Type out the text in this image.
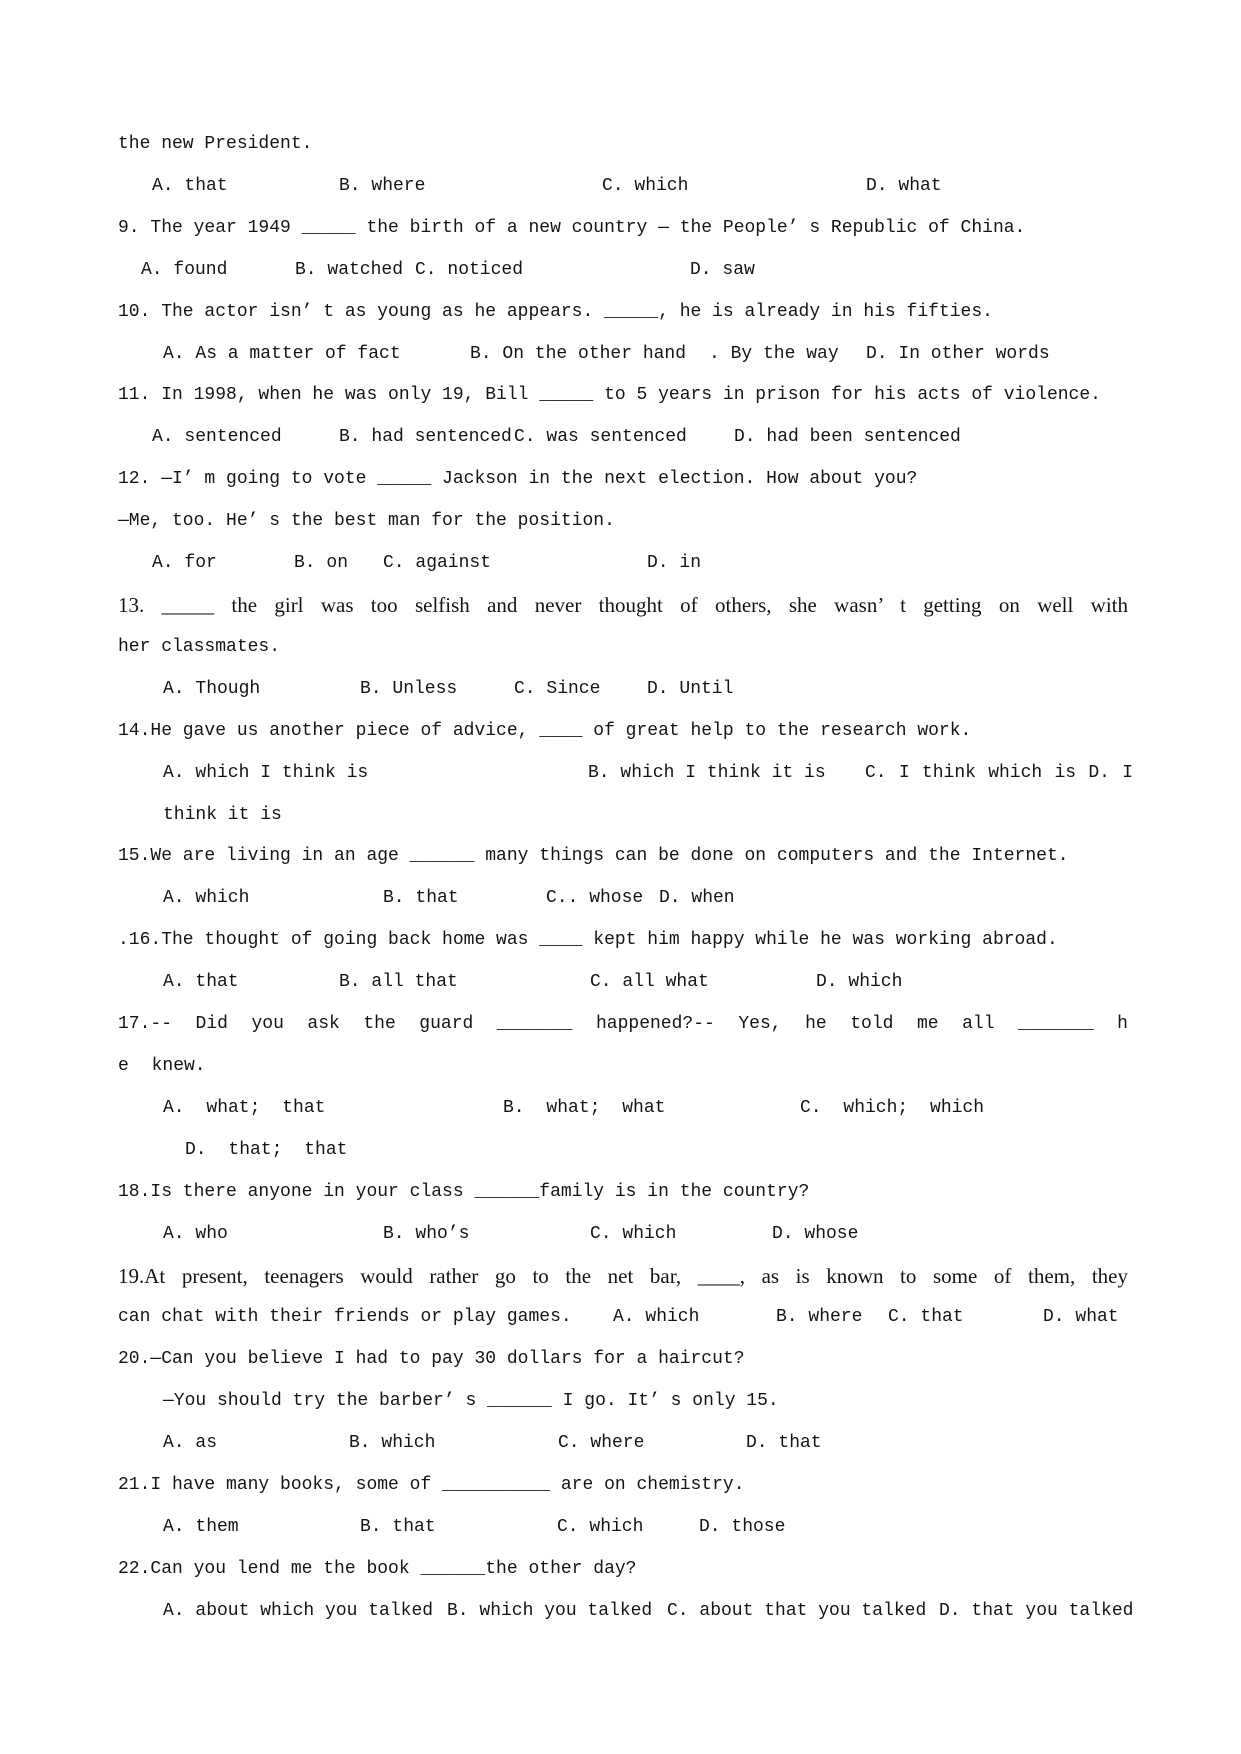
the new President.
A. that	B. where	C. which	D. what
9. The year 1949 _____ the birth of a new country — the People’ s Republic of China.
A. found	B. watched C. noticed	D. saw
10. The actor isn’ t as young as he appears. _____, he is already in his fifties.
A. As a matter of fact	B. On the other hand . By the way D. In other words
11. In 1998, when he was only 19, Bill _____ to 5 years in prison for his acts of violence.
A. sentenced	B. had sentenced C. was sentenced	D. had been sentenced
12. —I’ m going to vote _____ Jackson in the next election. How about you?
—Me, too. He’ s the best man for the position.
A. for	B. on C. against	D. in
13. _____ the girl was too selfish and never thought of others, she wasn’ t getting on well with
her classmates.
A. Though	B. Unless	C. Since	D. Until
14.He gave us another piece of advice, ____ of great help to the research work.
A. which I think is	B. which I think it is C. I think which is D. I
think it is
15.We are living in an age ______ many things can be done on computers and the Internet.
A. which	B. that	C.. whose D. when
.16.The thought of going back home was ____ kept him happy while he was working abroad.
A. that	B. all that	C. all what	D. which
17.-- Did you ask the guard _______ happened?-- Yes, he told me all _______ h
e knew.
A. what; that	B. what; what	C. which; which
D. that; that
18.Is there anyone in your class ______family is in the country?
A. who	B. who’s	C. which	D. whose
19.At present, teenagers would rather go to the net bar, ____, as is known to some of them, they
can chat with their friends or play games. A. which	B. where C. that	D. what
20.—Can you believe I had to pay 30 dollars for a haircut?
—You should try the barber’ s ______ I go. It’ s only 15.
A. as	B. which	C. where	D. that
21.I have many books, some of __________ are on chemistry.
A. them	B. that	C. which	D. those
22.Can you lend me the book ______the other day?
A. about which you talked B. which you talked C. about that you talked D. that you talked
